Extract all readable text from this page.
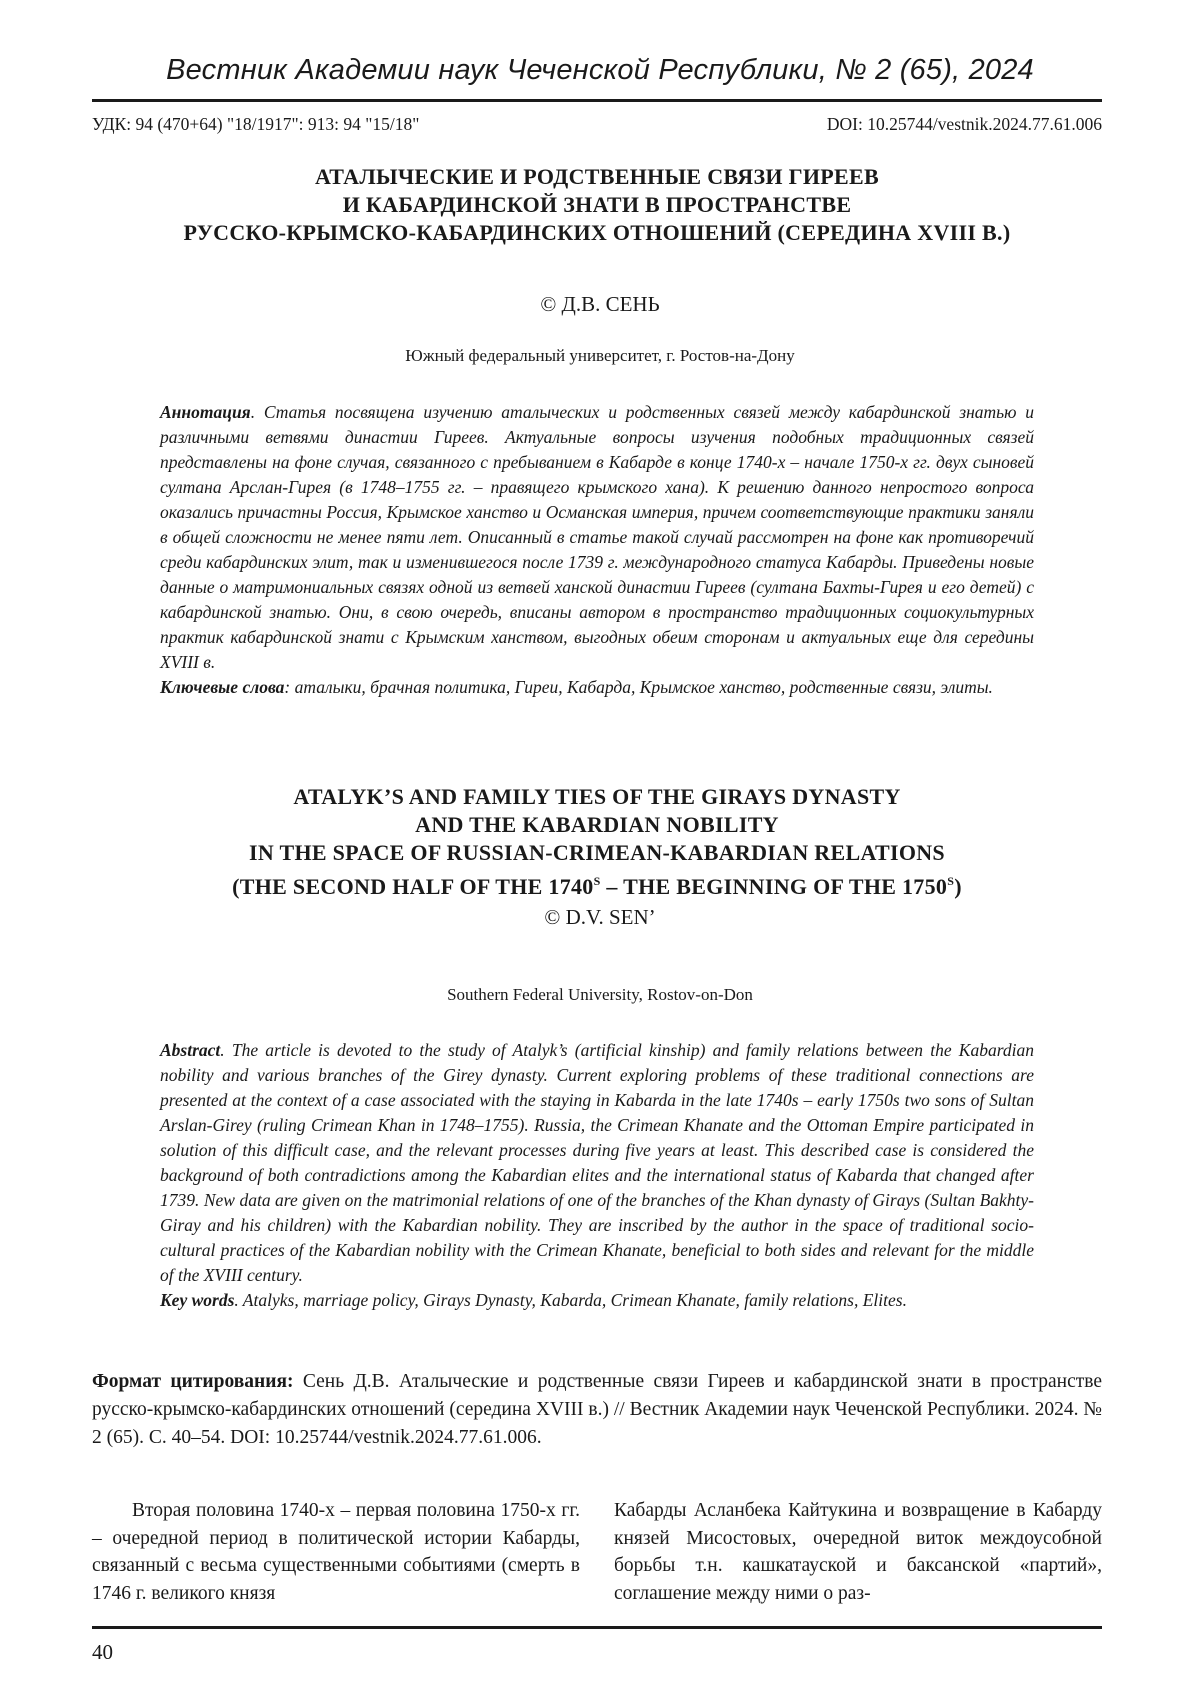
Вестник Академии наук Чеченской Республики, № 2 (65), 2024
УДК: 94 (470+64) "18/1917": 913: 94 "15/18"	DOI: 10.25744/vestnik.2024.77.61.006
АТАЛЫЧЕСКИЕ И РОДСТВЕННЫЕ СВЯЗИ ГИРЕЕВ
И КАБАРДИНСКОЙ ЗНАТИ В ПРОСТРАНСТВЕ
РУССКО-КРЫМСКО-КАБАРДИНСКИХ ОТНОШЕНИЙ (СЕРЕДИНА XVIII В.)
© Д.В. СЕНЬ
Южный федеральный университет, г. Ростов-на-Дону

Аннотация. Статья посвящена изучению аталыческих и родственных связей между кабардинской знатью и различными ветвями династии Гиреев. Актуальные вопросы изучения подобных традиционных связей представлены на фоне случая, связанного с пребыванием в Кабарде в конце 1740-х – начале 1750-х гг. двух сыновей султана Арслан-Гирея (в 1748–1755 гг. – правящего крымского хана). К решению данного непростого вопроса оказались причастны Россия, Крымское ханство и Османская империя, причем соответствующие практики заняли в общей сложности не менее пяти лет. Описанный в статье такой случай рассмотрен на фоне как противоречий среди кабардинских элит, так и изменившегося после 1739 г. международного статуса Кабарды. Приведены новые данные о матримониальных связях одной из ветвей ханской династии Гиреев (султана Бахты-Гирея и его детей) с кабардинской знатью. Они, в свою очередь, вписаны автором в пространство традиционных социокультурных практик кабардинской знати с Крымским ханством, выгодных обеим сторонам и актуальных еще для середины XVIII в.

Ключевые слова: аталыки, брачная политика, Гиреи, Кабарда, Крымское ханство, родственные связи, элиты.

ATALYK’S AND FAMILY TIES OF THE GIRAYS DYNASTY
AND THE KABARDIAN NOBILITY
IN THE SPACE OF RUSSIAN-CRIMEAN-KABARDIAN RELATIONS
(THE SECOND HALF OF THE $1740^S$ – THE BEGINNING OF THE $1750^S$)
© D.V. SEN’
Southern Federal University, Rostov-on-Don

Abstract. The article is devoted to the study of Atalyk’s (artificial kinship) and family relations between the Kabardian nobility and various branches of the Girey dynasty. Current exploring problems of these traditional connections are presented at the context of a case associated with the staying in Kabarda in the late 1740s – early 1750s two sons of Sultan Arslan-Girey (ruling Crimean Khan in 1748–1755). Russia, the Crimean Khanate and the Ottoman Empire participated in solution of this difficult case, and the relevant processes during five years at least. This described case is considered the background of both contradictions among the Kabardian elites and the international status of Kabarda that changed after 1739. New data are given on the matrimonial relations of one of the branches of the Khan dynasty of Girays (Sultan Bakhty-Giray and his children) with the Kabardian nobility. They are inscribed by the author in the space of traditional socio-cultural practices of the Kabardian nobility with the Crimean Khanate, beneficial to both sides and relevant for the middle of the XVIII century.

Key words. Atalyks, marriage policy, Girays Dynasty, Kabarda, Crimean Khanate, family relations, Elites.

Формат цитирования: Сень Д.В. Аталыческие и родственные связи Гиреев и кабардинской знати в пространстве русско-крымско-кабардинских отношений (середина XVIII в.) // Вестник Академии наук Чеченской Республики. 2024. № 2 (65). С. 40–54. DOI: 10.25744/vestnik.2024.77.61.006.
Вторая половина 1740-х – первая половина 1750-х гг. – очередной период в политической истории Кабарды, связанный с весьма существенными событиями (смерть в 1746 г. великого князя
Кабарды Асланбека Кайтукина и возвращение в Кабарду князей Мисостовых, очередной виток междоусобной борьбы т.н. кашкатауской и баксанской «партий», соглашение между ними о раз-
40
